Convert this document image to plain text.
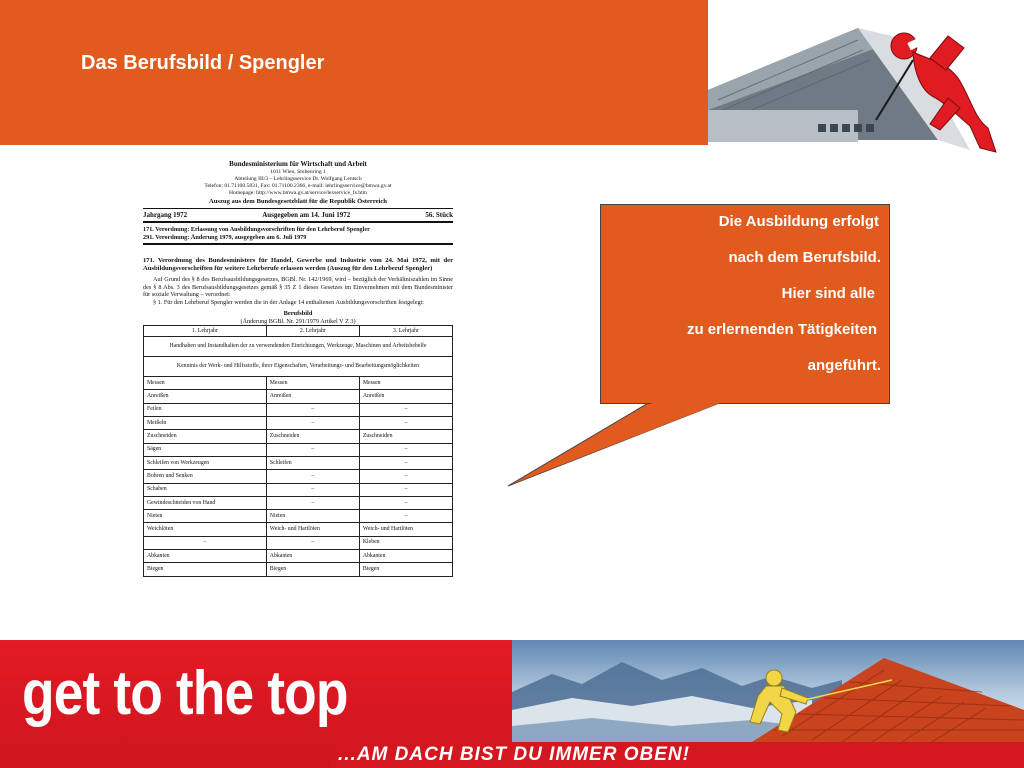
Das Berufsbild / Spengler
Bundesministerium für Wirtschaft und Arbeit
1011 Wien, Stubenring 1
Abteilung III/3 – Lehrlingsservice Dr. Wolfgang Lentsch
Telefon: 01.71100.5831, Fax: 01.71100.2366, e-mail: lehrlingsservice@bmwa.gv.at
Homepage: http://www.bmwa.gv.at/service/lexservice_fs.htm
Auszug aus dem Bundesgesetzblatt für die Republik Österreich
Jahrgang 1972	Ausgegeben am 14. Juni 1972	56. Stück
171. Verordnung: Erlassung von Ausbildungsvorschriften für den Lehrberuf Spengler
291. Verordnung: Änderung 1979, ausgegeben am 6. Juli 1979
171. Verordnung des Bundesministers für Handel, Gewerbe und Industrie vom 24. Mai 1972, mit der Ausbildungsvorschriften für weitere Lehrberufe erlassen werden (Auszug für den Lehrberuf Spengler)
Auf Grund des § 8 des Berufsausbildungsgesetzes, BGBl. Nr. 142/1969, wird – bezüglich der Verhältniszahlen im Sinne des § 8 Abs. 3 des Berufsausbildungsgesetzes gemäß § 35 Z 1 dieses Gesetzes im Einvernehmen mit dem Bundesminister für soziale Verwaltung – verordnet:
§ 1. Für den Lehrberuf Spengler werden die in der Anlage 14 enthaltenen Ausbildungsvorschriften festgelegt:
Berufsbild
(Änderung BGBl. Nr. 291/1979 Artikel V Z 3)
1. Lehrjahr	2. Lehrjahr	3. Lehrjahr
Handhaben und Instandhalten der zu verwendenden Einrichtungen, Werkzeuge, Maschinen und Arbeitsbehelfe		
Kenntnis der Werk- und Hilfsstoffe, ihrer Eigenschaften, Verarbeitungs- und Bearbeitungsmöglichkeiten		
Messen	Messen	Messen
Anreißen	Anreißen	Anreißen
Feilen	–	–
Meißeln	–	–
Zuschneiden	Zuschneiden	Zuschneiden
Sägen	–	–
Schleifen von Werkzeugen	Schleifen	–
Bohren und Senken	–	–
Schaben	–	–
Gewindeschneiden von Hand	–	–
Nieten	Nieten	–
Weichlöten	Weich- und Hartlöten	Weich- und Hartlöten
–	–	Kleben
Abkanten	Abkanten	Abkanten
Biegen	Biegen	Biegen
Die Ausbildung erfolgt
nach dem Berufsbild.
Hier sind alle
zu erlernenden Tätigkeiten
angeführt.
get to the top
...AM DACH BIST DU IMMER OBEN!
